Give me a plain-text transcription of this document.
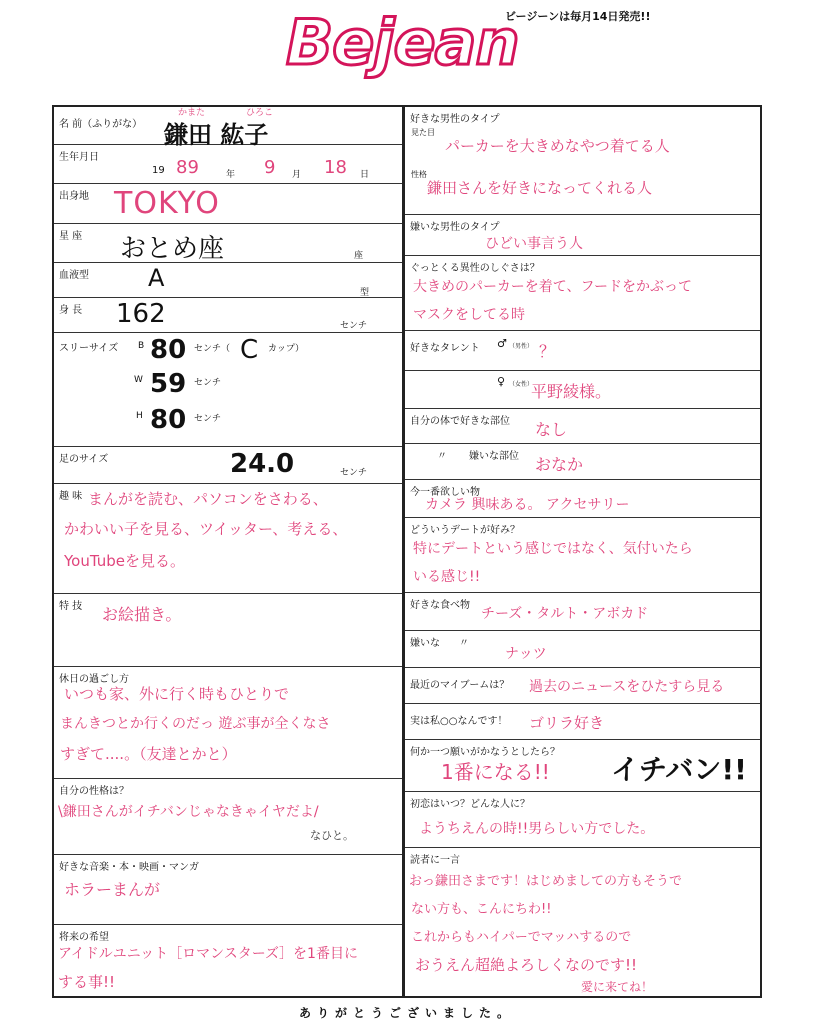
Bejean
ビージーンは毎月14日発売!!
名 前（ふりがな）
かまた	ひろこ
鎌田 紘子
生年月日
19 89	年 9 月 18 日
出身地 TOKYO
星 座 おとめ座	座
血液型 A
型
身 長 162	センチ
スリーサイズ B 80 センチ（ C カップ）
W 59 センチ
H 80 センチ
足のサイズ	24.0	センチ
趣 味 まんがを読む、パソコンをさわる、
かわいい子を見る、ツイッター、考える、
YouTubeを見る。
特 技 お絵描き。
休日の過ごし方
いつも家、外に行く時もひとりで
まんきつとか行くのだっ 遊ぶ事が全くなさ
すぎて....。（友達とかと）
自分の性格は？
\鎌田さんがイチバンじゃなきゃイヤだよ/
なひと。
好きな音楽・本・映画・マンガ
ホラーまんが
将来の希望
アイドルユニット［ロマンスターズ］を1番目に
する事!!
好きな男性のタイプ
見た目
パーカーを大きめなやつ着てる人
性格
鎌田さんを好きになってくれる人
嫌いな男性のタイプ
ひどい事言う人
ぐっとくる異性のしぐさは？
大きめのパーカーを着て、フードをかぶって
マスクをしてる時
好きなタレント ♂ （男性） ？
♀ （女性）
平野綾様。
自分の体で好きな部位 なし
〃 嫌いな部位 おなか
今一番欲しい物
カメラ 興味ある。 アクセサリー
どういうデートが好み？
特にデートという感じではなく、気付いたら
いる感じ!!
好きな食べ物
チーズ・タルト・アボカド
嫌いな 〃
ナッツ
最近のマイブームは？ 過去のニュースをひたすら見る
実は私○○なんです！ ゴリラ好き
何か一つ願いがかなうとしたら？
1番になる!! イチバン!!
初恋はいつ？どんな人に？
ようちえんの時!!男らしい方でした。
読者に一言
おっ鎌田さまです！はじめましての方もそうで
ない方も、こんにちわ!!
これからもハイパーでマッハするので
おうえん超絶よろしくなのです!!
愛に来てね！
ありがとうございました。
